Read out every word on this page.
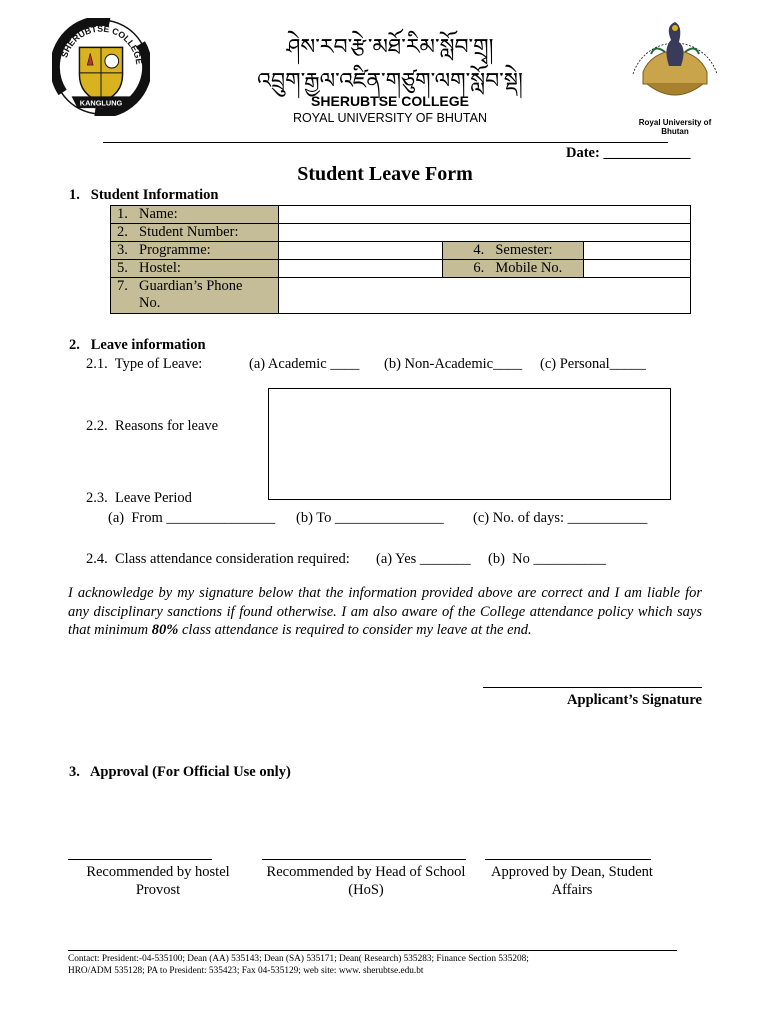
SHERUBTSE COLLEGE
KANGLUNG
ཤེས་རབ་རྩེ་མཐོ་རིམ་སློབ་གྲྭ།
འབྲུག་རྒྱལ་འཛིན་གཙུག་ལག་སློབ་སྡེ།
SHERUBTSE COLLEGE
ROYAL UNIVERSITY OF BHUTAN	Royal University of Bhutan
Date: ____________
Student Leave Form
1.   Student Information
1. Name:			
2. Student Number:			
3. Programme:		4. Semester:	
5. Hostel:		6. Mobile No.	
7. Guardian’s Phone
No.			
2.   Leave information
2.1.  Type of Leave:	(a) Academic ____ (b) Non-Academic____ (c) Personal_____
2.2.  Reasons for leave
2.3.  Leave Period
(a)  From _______________ (b) To _______________ (c) No. of days: ___________
2.4.  Class attendance consideration required: (a) Yes _______ (b)  No __________
I acknowledge by my signature below that the information provided above are correct and I am liable for any disciplinary sanctions if found otherwise. I am also aware of the College attendance policy which says that minimum 80% class attendance is required to consider my leave at the end.
Applicant’s Signature
3.   Approval (For Official Use only)
Recommended by hostel
Provost
Recommended by Head of School
(HoS)
Approved by Dean, Student
Affairs
Contact: President:-04-535100; Dean (AA) 535143; Dean (SA) 535171; Dean( Research) 535283; Finance Section 535208;
HRO/ADM 535128; PA to President: 535423; Fax 04-535129; web site: www. sherubtse.edu.bt
